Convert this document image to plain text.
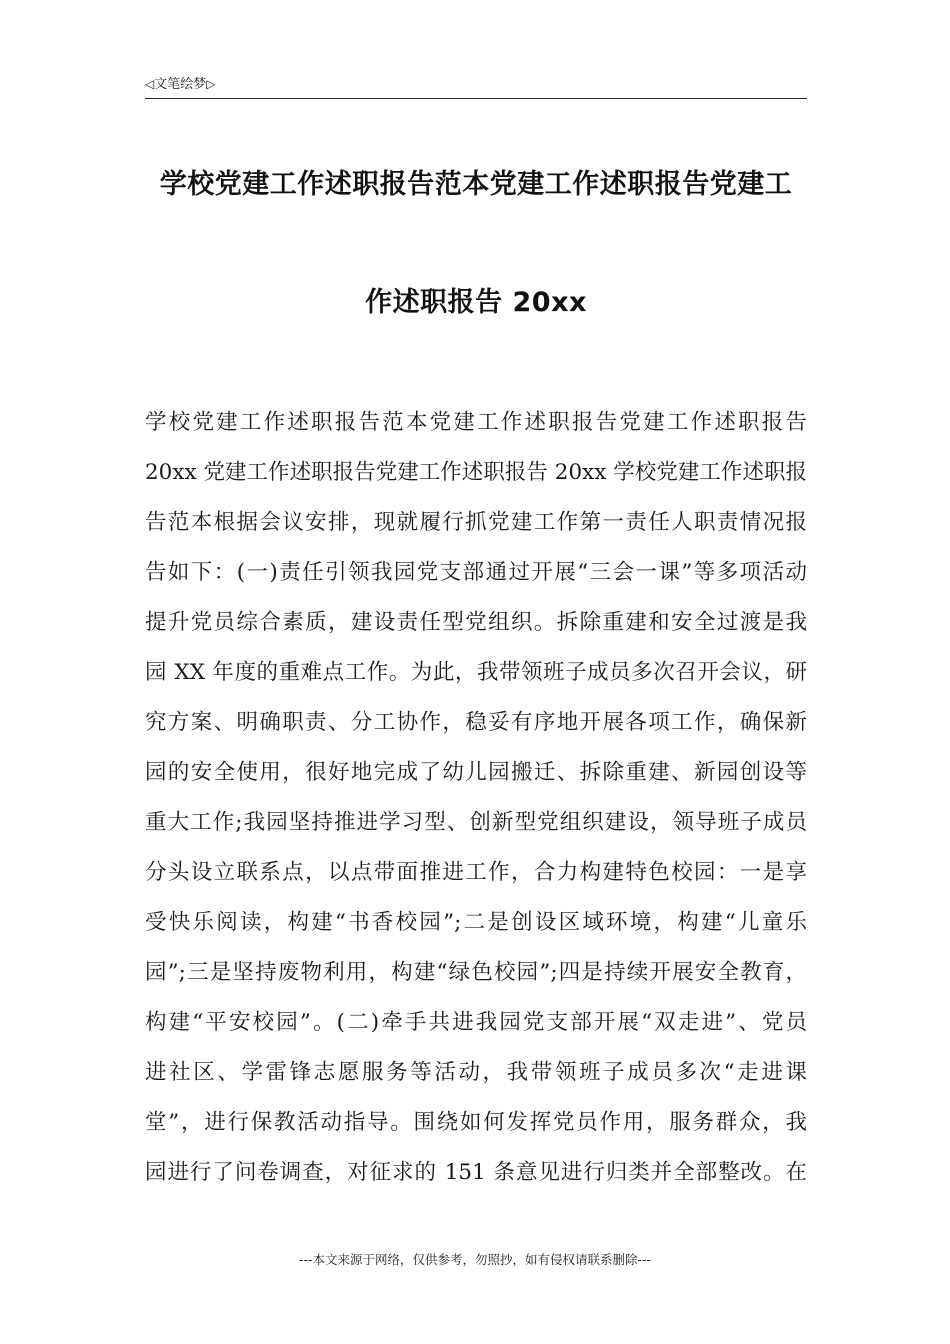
◁文笔绘梦▷
学校党建工作述职报告范本党建工作述职报告党建工
作述职报告 20xx
学校党建工作述职报告范本党建工作述职报告党建工作述职报告
20xx 党建工作述职报告党建工作述职报告 20xx 学校党建工作述职报
告范本根据会议安排，现就履行抓党建工作第一责任人职责情况报
告如下：(一)责任引领我园党支部通过开展“三会一课”等多项活动
提升党员综合素质，建设责任型党组织。拆除重建和安全过渡是我
园 XX 年度的重难点工作。为此，我带领班子成员多次召开会议，研
究方案、明确职责、分工协作，稳妥有序地开展各项工作，确保新
园的安全使用，很好地完成了幼儿园搬迁、拆除重建、新园创设等
重大工作;我园坚持推进学习型、创新型党组织建设，领导班子成员
分头设立联系点，以点带面推进工作，合力构建特色校园：一是享
受快乐阅读，构建“书香校园”;二是创设区域环境，构建“儿童乐
园”;三是坚持废物利用，构建“绿色校园”;四是持续开展安全教育，
构建“平安校园”。(二)牵手共进我园党支部开展“双走进”、党员
进社区、学雷锋志愿服务等活动，我带领班子成员多次“走进课
堂”，进行保教活动指导。围绕如何发挥党员作用，服务群众，我
园进行了问卷调查，对征求的 151 条意见进行归类并全部整改。在
---本文来源于网络，仅供参考，勿照抄，如有侵权请联系删除---
